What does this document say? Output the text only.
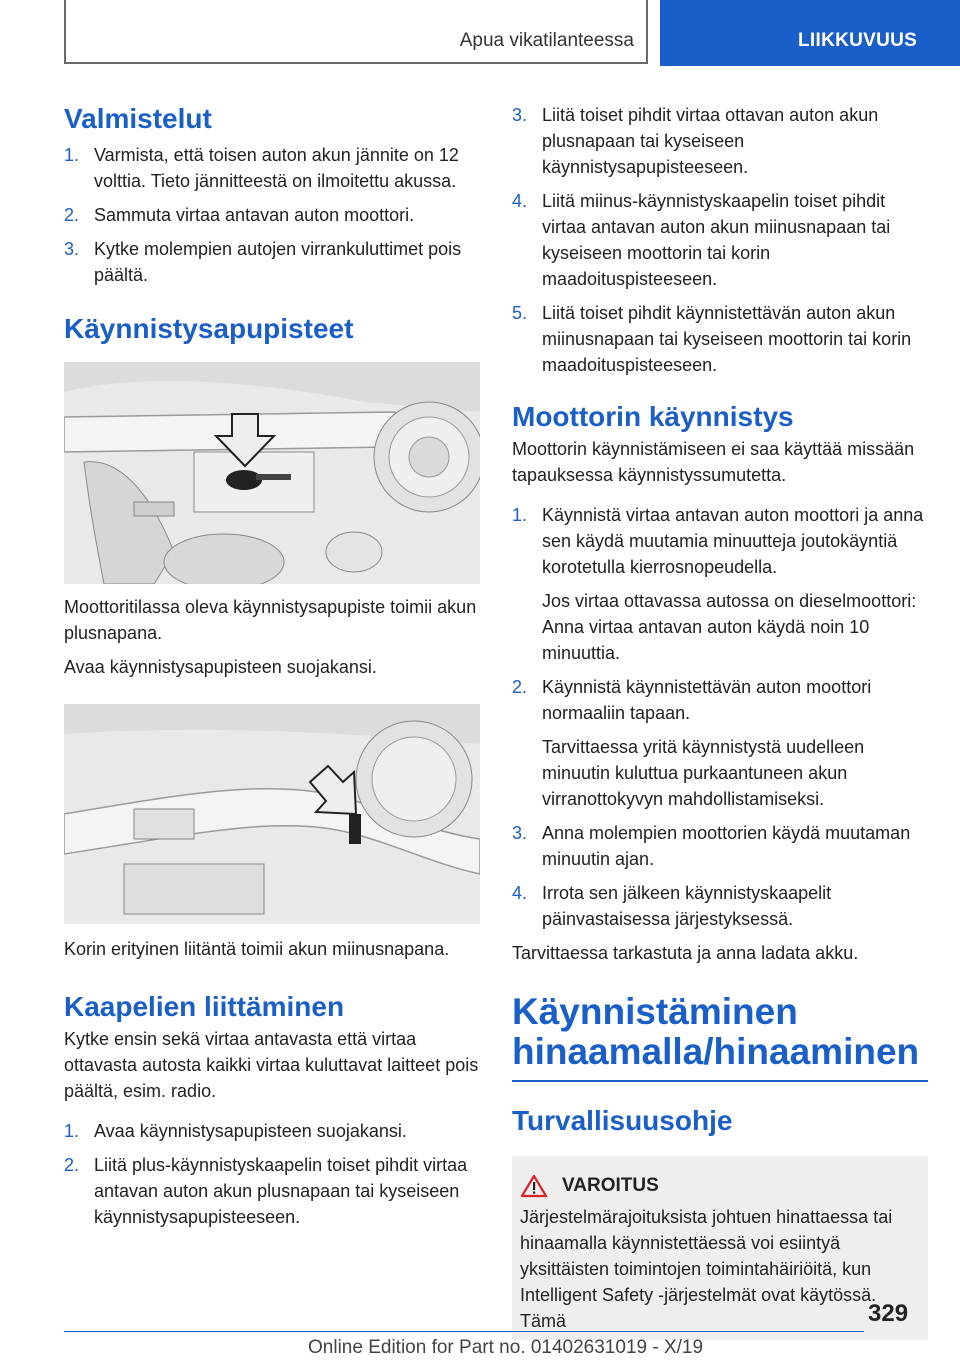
Apua vikatilanteessa	LIIKKUVUUS
Valmistelut
1. Varmista, että toisen auton akun jännite on 12 volttia. Tieto jännitteestä on ilmoitettu akussa.
2. Sammuta virtaa antavan auton moottori.
3. Kytke molempien autojen virrankuluttimet pois päältä.
Käynnistysapupisteet

Moottoritilassa oleva käynnistysapupiste toimii akun plusnapana.

Avaa käynnistysapupisteen suojakansi.

Korin erityinen liitäntä toimii akun miinusnapana.

Kaapelien liittäminen

Kytke ensin sekä virtaa antavasta että virtaa ottavasta autosta kaikki virtaa kuluttavat laitteet pois päältä, esim. radio.

1. Avaa käynnistysapupisteen suojakansi.
2. Liitä plus-käynnistyskaapelin toiset pihdit virtaa antavan auton akun plusnapaan tai kyseiseen käynnistysapupisteeseen.
3. Liitä toiset pihdit virtaa ottavan auton akun plusnapaan tai kyseiseen käynnistysapupisteeseen.
4. Liitä miinus-käynnistyskaapelin toiset pihdit virtaa antavan auton akun miinusnapaan tai kyseiseen moottorin tai korin maadoituspisteeseen.
5. Liitä toiset pihdit käynnistettävän auton akun miinusnapaan tai kyseiseen moottorin tai korin maadoituspisteeseen.
Moottorin käynnistys

Moottorin käynnistämiseen ei saa käyttää missään tapauksessa käynnistyssumutetta.

1. Käynnistä virtaa antavan auton moottori ja anna sen käydä muutamia minuutteja joutokäyntiä korotetulla kierrosnopeudella.

Jos virtaa ottavassa autossa on dieselmoottori: Anna virtaa antavan auton käydä noin 10 minuuttia.

2. Käynnistä käynnistettävän auton moottori normaaliin tapaan.

Tarvittaessa yritä käynnistystä uudelleen minuutin kuluttua purkaantuneen akun virranottokyvyn mahdollistamiseksi.

3. Anna molempien moottorien käydä muutaman minuutin ajan.
4. Irrota sen jälkeen käynnistyskaapelit päinvastaisessa järjestyksessä.

Tarvittaessa tarkastuta ja anna ladata akku.

Käynnistäminen hinaamalla/hinaaminen
Turvallisuusohje
VAROITUS

Järjestelmärajoituksista johtuen hinattaessa tai hinaamalla käynnistettäessä voi esiintyä yksittäisten toimintojen toimintahäiriöitä, kun Intelligent Safety -järjestelmät ovat käytössä. Tämä	329
Online Edition for Part no. 01402631019 - X/19
